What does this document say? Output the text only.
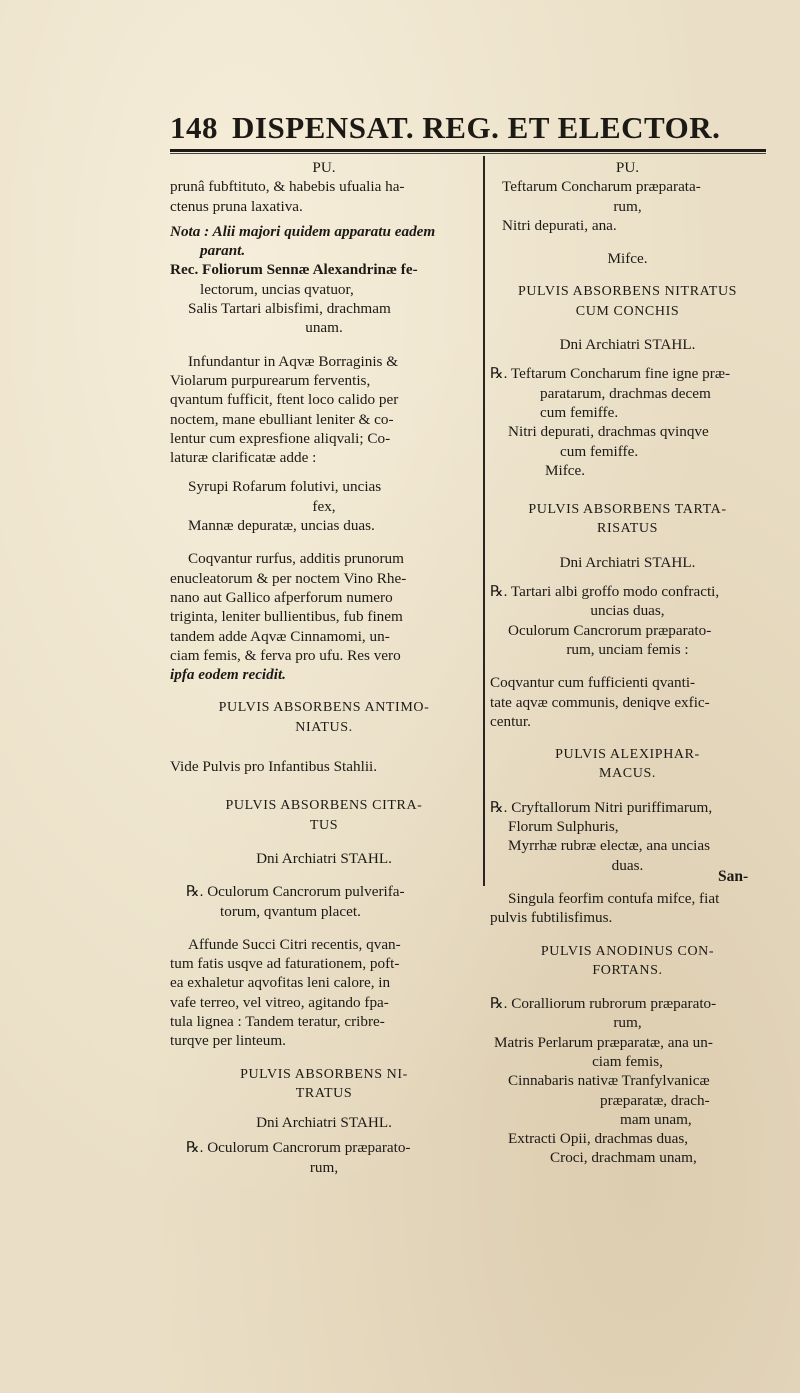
148 DISPENSAT. REG. ET ELECTOR.

PU.

prunâ fubftituto, & habebis ufualia ha-

ctenus pruna laxativa.

Nota : Alii majori quidem apparatu eadem

parant.

Rec. Foliorum Sennæ Alexandrinæ fe-

lectorum, uncias qvatuor,

Salis Tartari albisfimi, drachmam

unam.

Infundantur in Aqvæ Borraginis &

Violarum purpurearum ferventis,

qvantum fufficit, ftent loco calido per

noctem, mane ebulliant leniter & co-

lentur cum expresfione aliqvali; Co-

laturæ clarificatæ adde :

Syrupi Rofarum folutivi, uncias

fex,

Mannæ depuratæ, uncias duas.

Coqvantur rurfus, additis prunorum

enucleatorum & per noctem Vino Rhe-

nano aut Gallico afperforum numero

triginta, leniter bullientibus, fub finem

tandem adde Aqvæ Cinnamomi, un-

ciam femis, & ferva pro ufu. Res vero

ipfa eodem recidit.

PULVIS ABSORBENS ANTIMO-

NIATUS.

Vide Pulvis pro Infantibus Stahlii.

PULVIS ABSORBENS CITRA-

TUS

Dni Archiatri STAHL.

℞. Oculorum Cancrorum pulverifa-

torum, qvantum placet.

Affunde Succi Citri recentis, qvan-

tum fatis usqve ad faturationem, poft-

ea exhaletur aqvofitas leni calore, in

vafe terreo, vel vitreo, agitando fpa-

tula lignea : Tandem teratur, cribre-

turqve per linteum.

PULVIS ABSORBENS NI-

TRATUS

Dni Archiatri STAHL.

℞. Oculorum Cancrorum præparato-

rum,

PU.

Teftarum Concharum præparata-

rum,

Nitri depurati, ana.

Mifce.

PULVIS ABSORBENS NITRATUS

CUM CONCHIS

Dni Archiatri STAHL.

℞. Teftarum Concharum fine igne præ-

paratarum, drachmas decem

cum femiffe.

Nitri depurati, drachmas qvinqve

cum femiffe.

Mifce.

PULVIS ABSORBENS TARTA-

RISATUS

Dni Archiatri STAHL.

℞. Tartari albi groffo modo confracti,

uncias duas,

Oculorum Cancrorum præparato-

rum, unciam femis :

Coqvantur cum fufficienti qvanti-

tate aqvæ communis, deniqve exfic-

centur.

PULVIS ALEXIPHAR-

MACUS.

℞. Cryftallorum Nitri puriffimarum,

Florum Sulphuris,

Myrrhæ rubræ electæ, ana uncias

duas.

Singula feorfim contufa mifce, fiat

pulvis fubtilisfimus.

PULVIS ANODINUS CON-

FORTANS.

℞. Coralliorum rubrorum præparato-

rum,

Matris Perlarum præparatæ, ana un-

ciam femis,

Cinnabaris nativæ Tranfylvanicæ

præparatæ, drach-

mam unam,

Extracti Opii, drachmas duas,

Croci, drachmam unam,

San-
